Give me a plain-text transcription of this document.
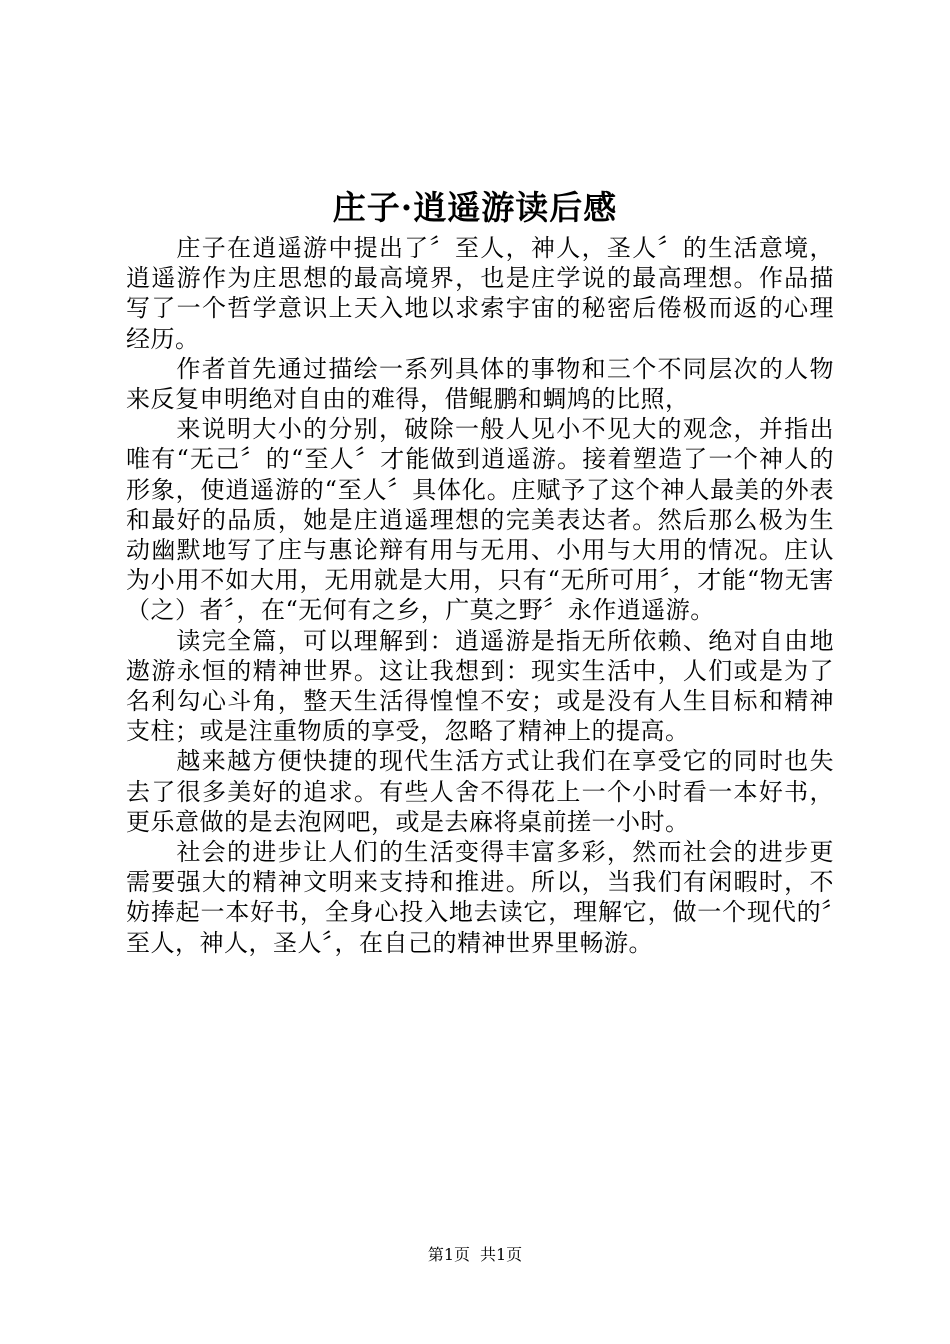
庄子·逍遥游读后感

庄子在逍遥游中提出了〞至人，神人，圣人〞的生活意境，逍遥游作为庄思想的最高境界，也是庄学说的最高理想。作品描写了一个哲学意识上天入地以求索宇宙的秘密后倦极而返的心理经历。

作者首先通过描绘一系列具体的事物和三个不同层次的人物来反复申明绝对自由的难得，借鲲鹏和蜩鸠的比照，

来说明大小的分别，破除一般人见小不见大的观念，并指出唯有“无己〞的“至人〞才能做到逍遥游。接着塑造了一个神人的形象，使逍遥游的“至人〞具体化。庄赋予了这个神人最美的外表和最好的品质，她是庄逍遥理想的完美表达者。然后那么极为生动幽默地写了庄与惠论辩有用与无用、小用与大用的情况。庄认为小用不如大用，无用就是大用，只有“无所可用〞，才能“物无害（之）者〞，在“无何有之乡，广莫之野〞永作逍遥游。

读完全篇，可以理解到：逍遥游是指无所依赖、绝对自由地遨游永恒的精神世界。这让我想到：现实生活中，人们或是为了名利勾心斗角，整天生活得惶惶不安；或是没有人生目标和精神支柱；或是注重物质的享受，忽略了精神上的提高。

越来越方便快捷的现代生活方式让我们在享受它的同时也失去了很多美好的追求。有些人舍不得花上一个小时看一本好书，更乐意做的是去泡网吧，或是去麻将桌前搓一小时。

社会的进步让人们的生活变得丰富多彩，然而社会的进步更需要强大的精神文明来支持和推进。所以，当我们有闲暇时，不妨捧起一本好书，全身心投入地去读它，理解它，做一个现代的〞至人，神人，圣人〞，在自己的精神世界里畅游。

第1页 共1页
